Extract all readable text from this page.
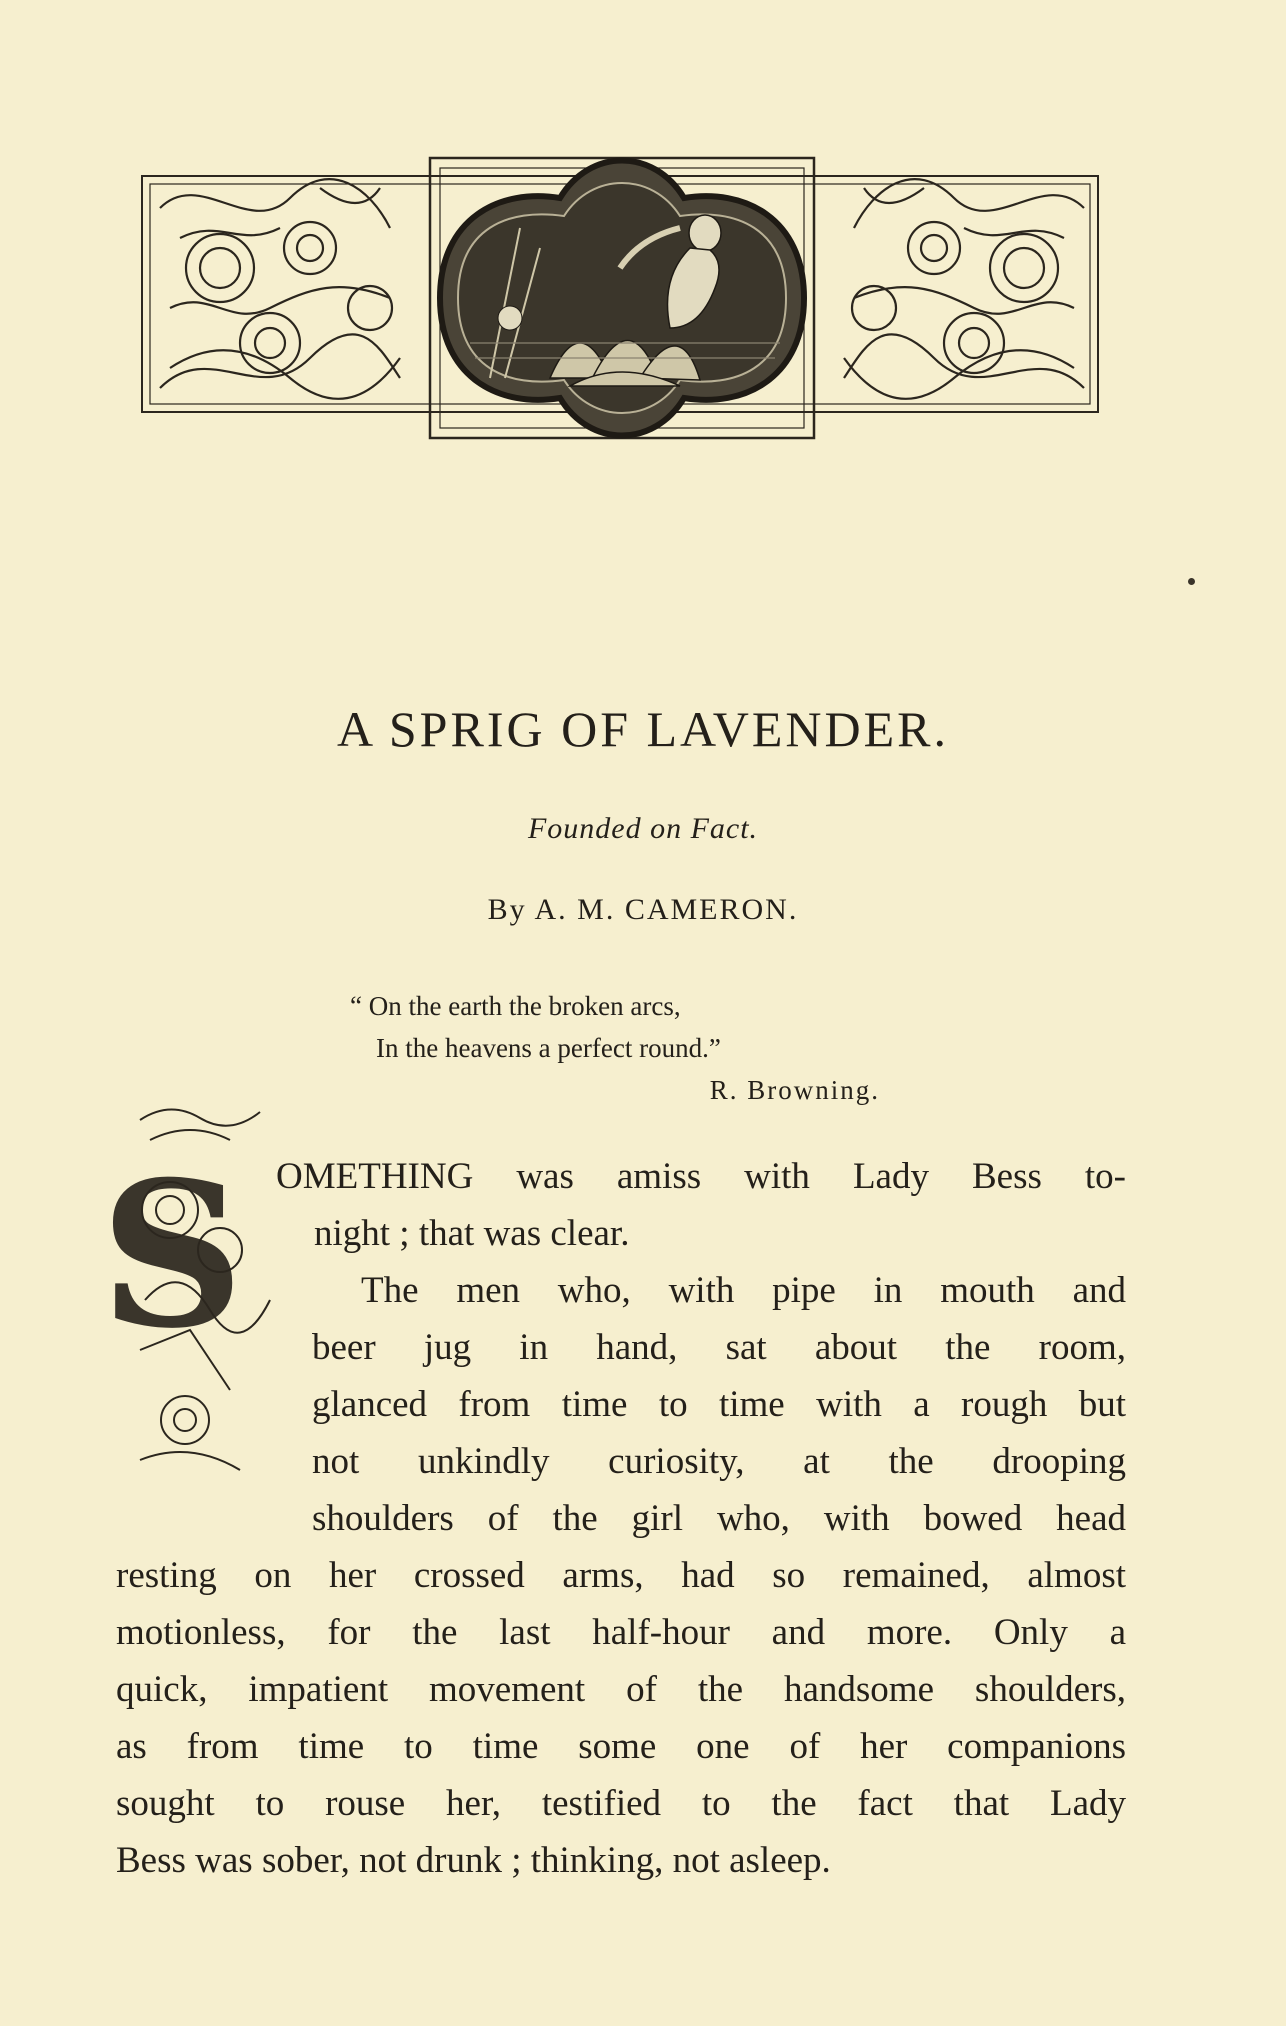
A SPRIG OF LAVENDER.
Founded on Fact.
By A. M. CAMERON.
“ On the earth the broken arcs,
In the heavens a perfect round.”
R. Browning.
S OMETHING was amiss with Lady Bess to-
night ; that was clear.
The men who, with pipe in mouth and
beer jug in hand, sat about the room,
glanced from time to time with a rough but
not unkindly curiosity, at the drooping
shoulders of the girl who, with bowed head
resting on her crossed arms, had so remained, almost
motionless, for the last half-hour and more. Only a
quick, impatient movement of the handsome shoulders,
as from time to time some one of her companions
sought to rouse her, testified to the fact that Lady
Bess was sober, not drunk ; thinking, not asleep.
